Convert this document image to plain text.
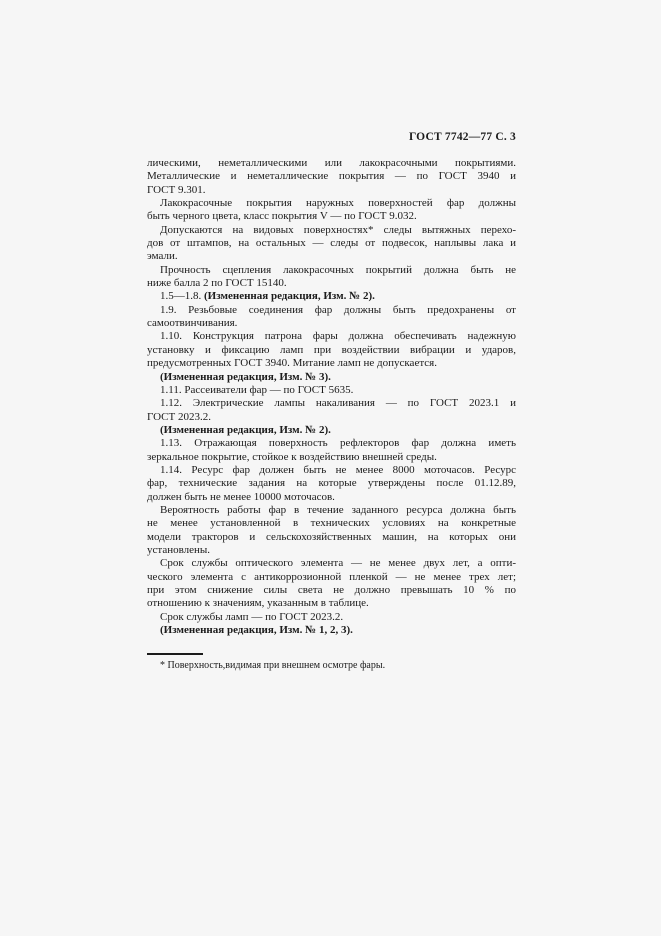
ГОСТ 7742—77 С. 3
лическими, неметаллическими или лакокрасочными покрытиями.
Металлические и неметаллические покрытия — по ГОСТ 3940 и
ГОСТ 9.301.
Лакокрасочные покрытия наружных поверхностей фар должны
быть черного цвета, класс покрытия V — по ГОСТ 9.032.
Допускаются на видовых поверхностях* следы вытяжных перехо-
дов от штампов, на остальных — следы от подвесок, наплывы лака и
эмали.
Прочность сцепления лакокрасочных покрытий должна быть не
ниже балла 2 по ГОСТ 15140.
1.5—1.8. (Измененная редакция, Изм. № 2).
1.9. Резьбовые соединения фар должны быть предохранены от
самоотвинчивания.
1.10. Конструкция патрона фары должна обеспечивать надежную
установку и фиксацию ламп при воздействии вибрации и ударов,
предусмотренных ГОСТ 3940. Митание ламп не допускается.
(Измененная редакция, Изм. № 3).
1.11. Рассеиватели фар — по ГОСТ 5635.
1.12. Электрические лампы накаливания — по ГОСТ 2023.1 и
ГОСТ 2023.2.
(Измененная редакция, Изм. № 2).
1.13. Отражающая поверхность рефлекторов фар должна иметь
зеркальное покрытие, стойкое к воздействию внешней среды.
1.14. Ресурс фар должен быть не менее 8000 моточасов. Ресурс
фар, технические задания на которые утверждены после 01.12.89,
должен быть не менее 10000 моточасов.
Вероятность работы фар в течение заданного ресурса должна быть
не менее установленной в технических условиях на конкретные
модели тракторов и сельскохозяйственных машин, на которых они
установлены.
Срок службы оптического элемента — не менее двух лет, а опти-
ческого элемента с антикоррозионной пленкой — не менее трех лет;
при этом снижение силы света не должно превышать 10 % по
отношению к значениям, указанным в таблице.
Срок службы ламп — по ГОСТ 2023.2.
(Измененная редакция, Изм. № 1, 2, 3).
* Поверхность,видимая при внешнем осмотре фары.
